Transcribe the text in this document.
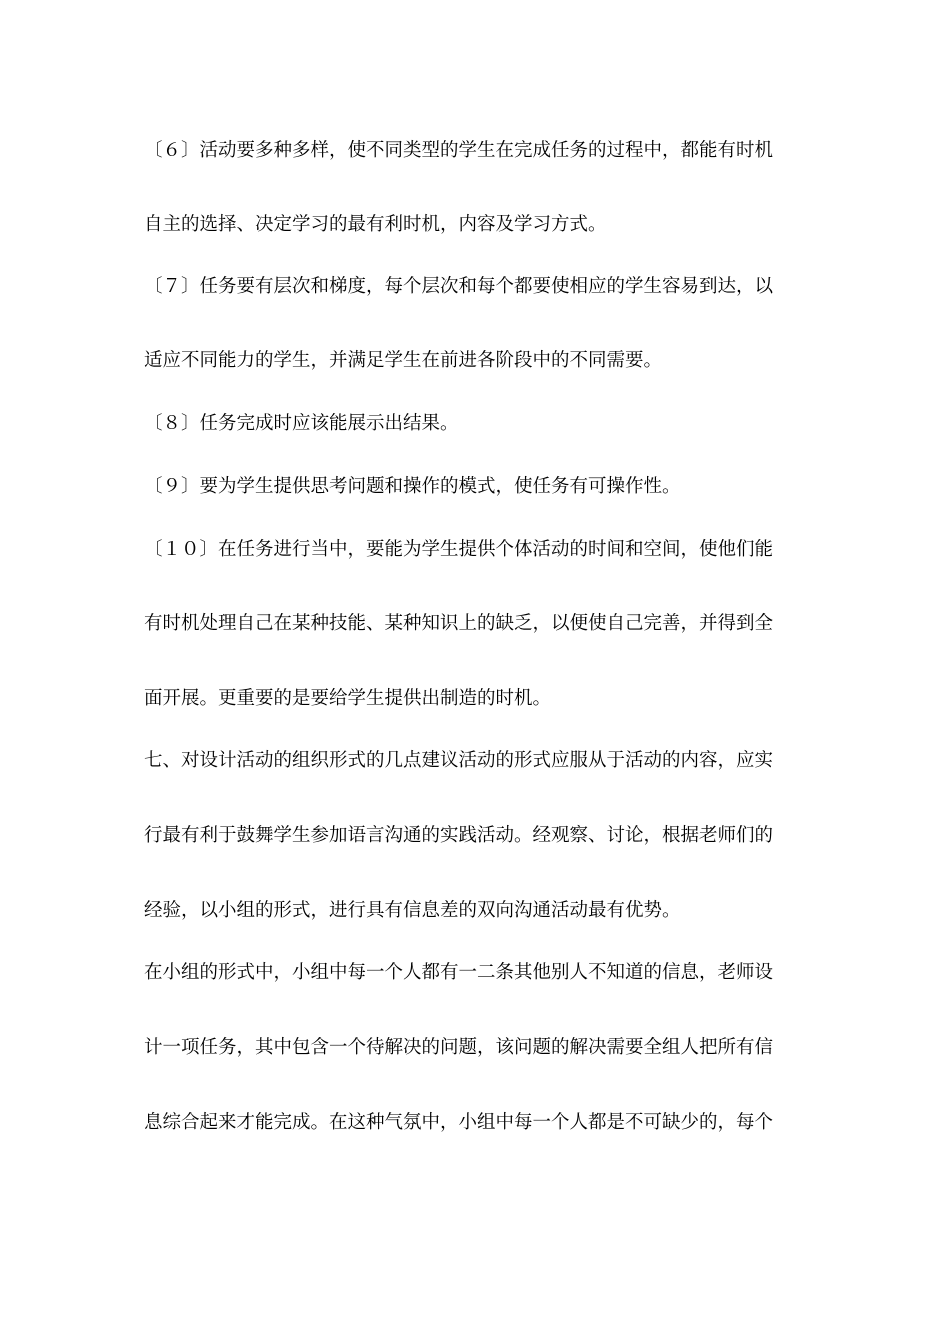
〔６〕活动要多种多样，使不同类型的学生在完成任务的过程中，都能有时机
自主的选择、决定学习的最有利时机，内容及学习方式。
〔７〕任务要有层次和梯度，每个层次和每个都要使相应的学生容易到达，以
适应不同能力的学生，并满足学生在前进各阶段中的不同需要。
〔８〕任务完成时应该能展示出结果。
〔９〕要为学生提供思考问题和操作的模式，使任务有可操作性。
〔１０〕在任务进行当中，要能为学生提供个体活动的时间和空间，使他们能
有时机处理自己在某种技能、某种知识上的缺乏，以便使自己完善，并得到全
面开展。更重要的是要给学生提供出制造的时机。
七、对设计活动的组织形式的几点建议活动的形式应服从于活动的内容，应实
行最有利于鼓舞学生参加语言沟通的实践活动。经观察、讨论，根据老师们的
经验，以小组的形式，进行具有信息差的双向沟通活动最有优势。
在小组的形式中，小组中每一个人都有一二条其他别人不知道的信息，老师设
计一项任务，其中包含一个待解决的问题，该问题的解决需要全组人把所有信
息综合起来才能完成。在这种气氛中，小组中每一个人都是不可缺少的，每个
